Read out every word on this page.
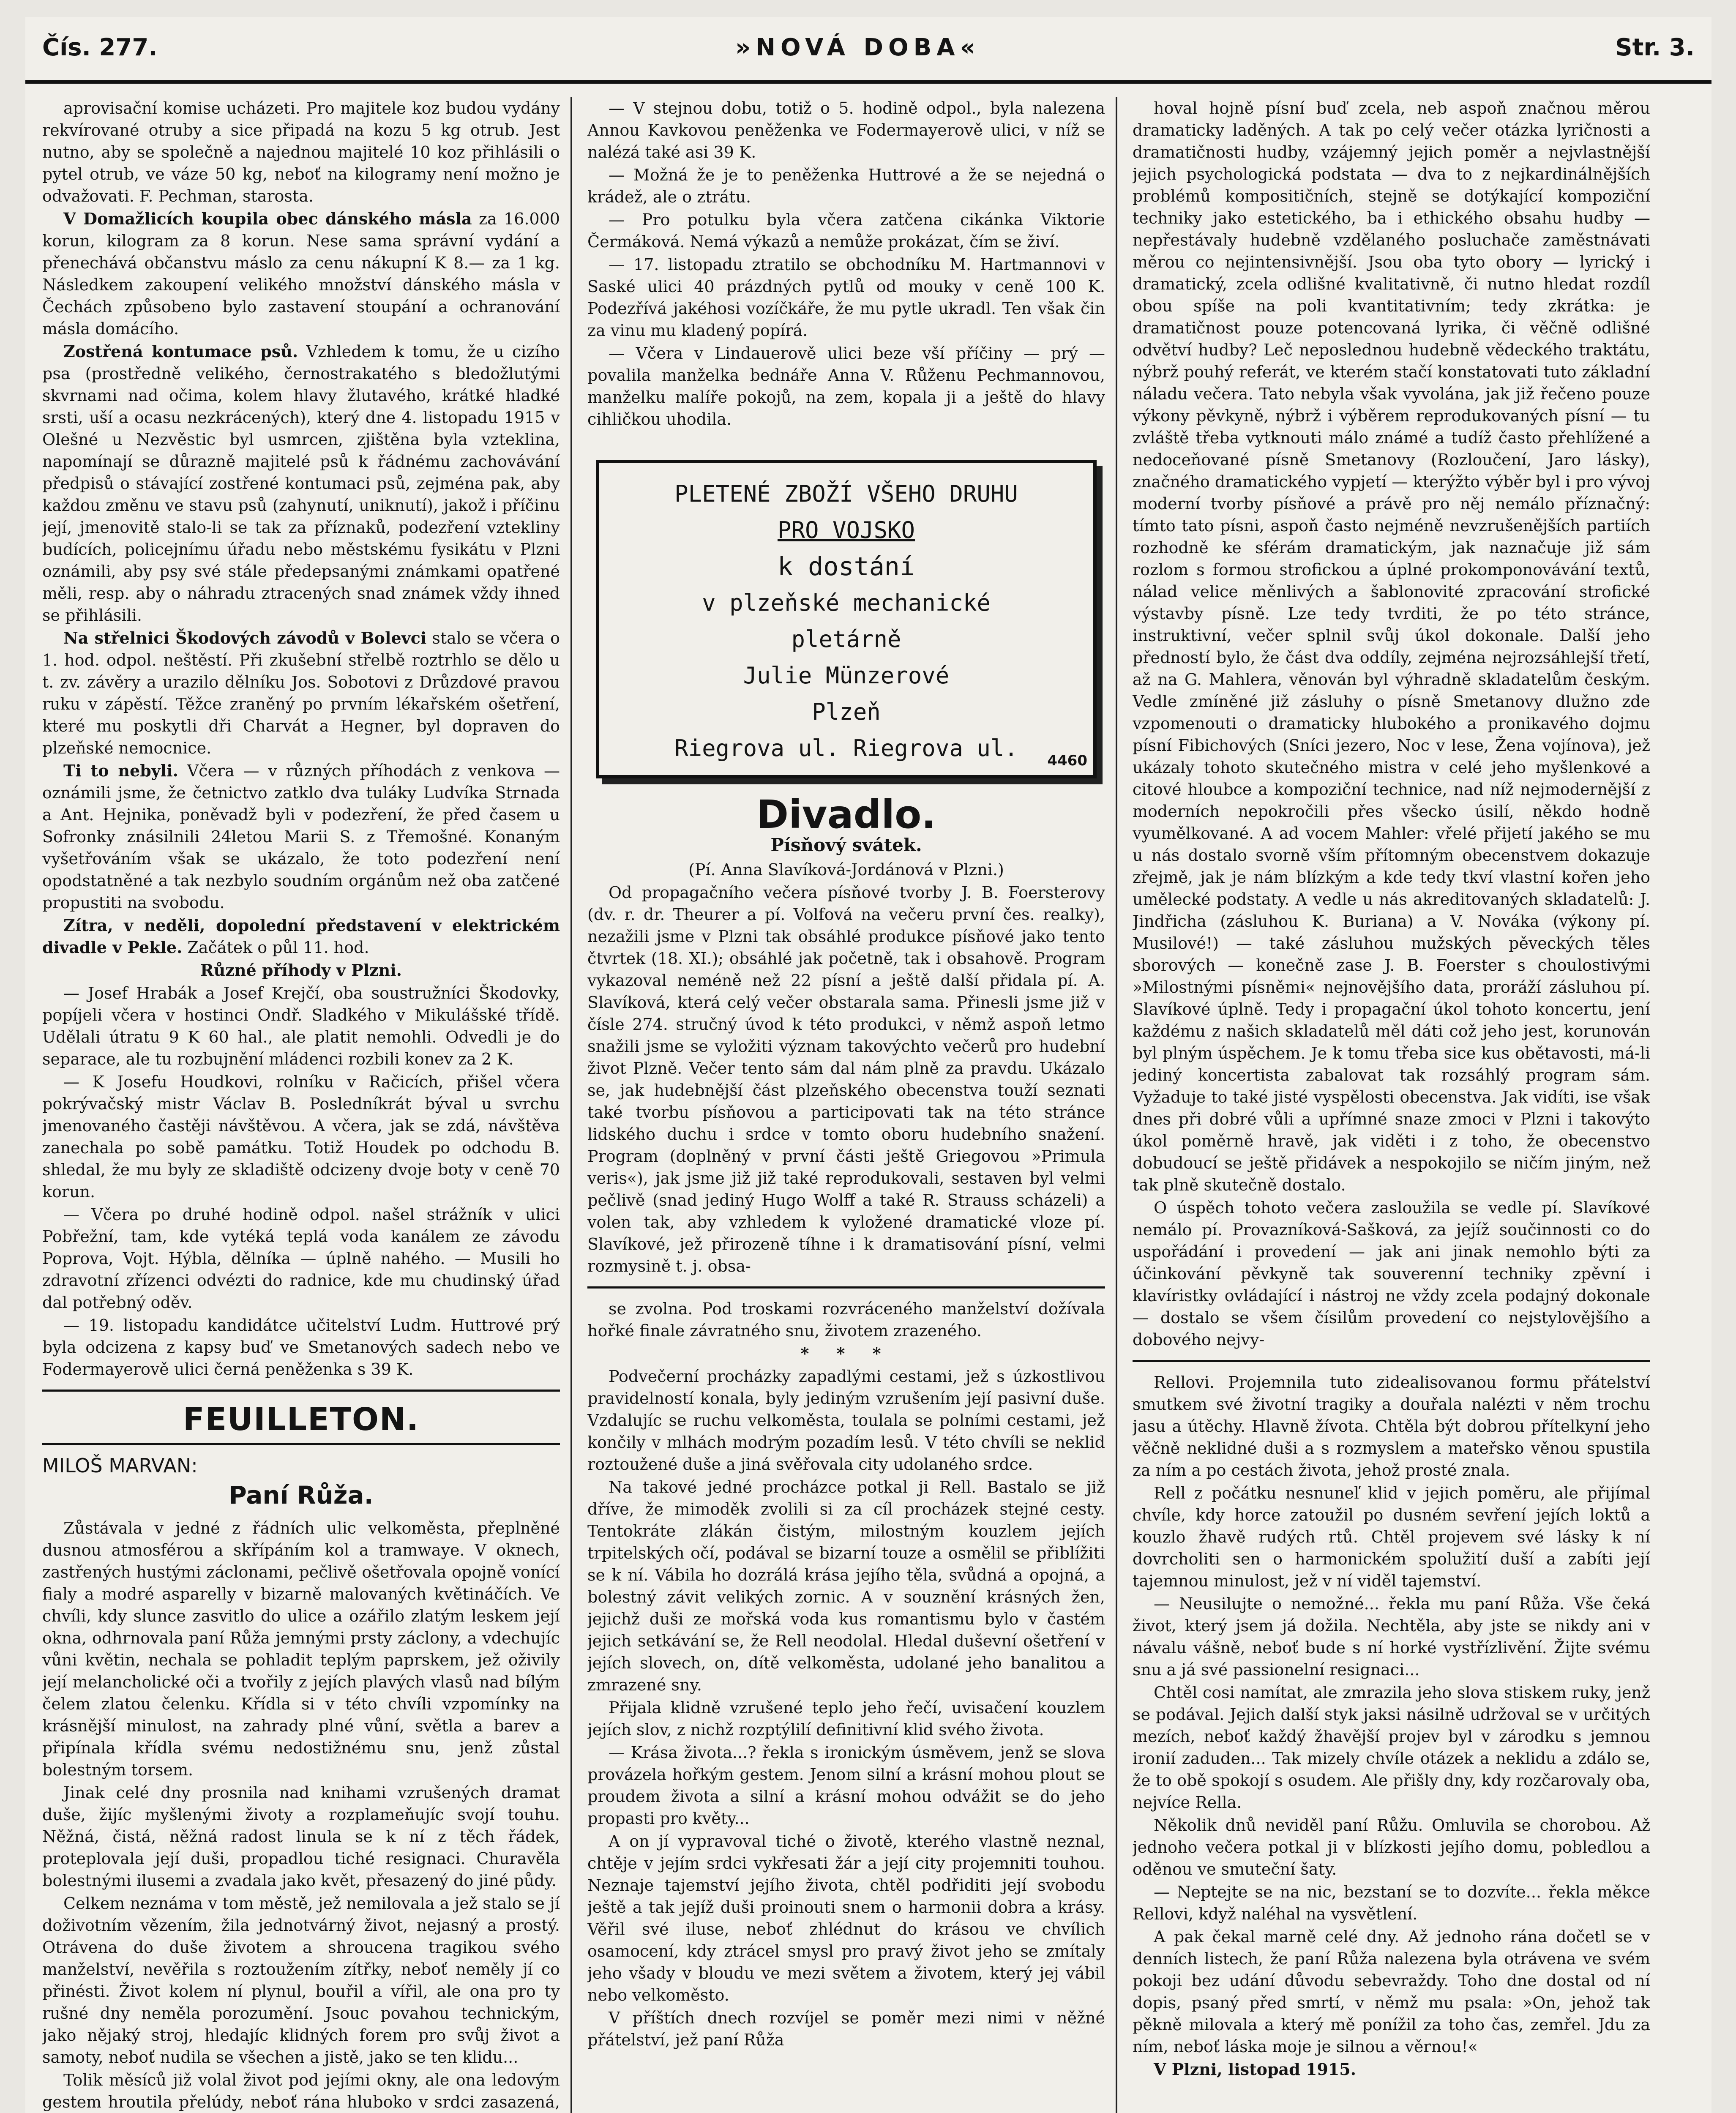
Čís. 277.	»NOVÁ DOBA«	Str. 3.

aprovisační komise ucházeti. Pro majitele koz budou vydány rekvírované otruby a sice připadá na kozu 5 kg otrub. Jest nutno, aby se společně a najednou majitelé 10 koz přihlásili o pytel otrub, ve váze 50 kg, neboť na kilogramy není možno je odvažovati. F. Pechman, starosta.

V Domažlicích koupila obec dánského másla za 16.000 korun, kilogram za 8 korun. Nese sama správní vydání a přenechává občanstvu máslo za cenu nákupní K 8.— za 1 kg. Následkem zakoupení velikého množství dánského másla v Čechách způsobeno bylo zastavení stoupání a ochranování másla domácího.

Zostřená kontumace psů. Vzhledem k tomu, že u cizího psa (prostředně velikého, černostrakatého s bledožlutými skvrnami nad očima, kolem hlavy žlutavého, krátké hladké srsti, uší a ocasu nezkrácených), který dne 4. listopadu 1915 v Olešné u Nezvěstic byl usmrcen, zjištěna byla vzteklina, napomínají se důrazně majitelé psů k řádnému zachovávání předpisů o stávající zostřené kontumaci psů, zejména pak, aby každou změnu ve stavu psů (zahynutí, uniknutí), jakož i příčinu její, jmenovitě stalo-li se tak za příznaků, podezření vztekliny budících, policejnímu úřadu nebo městskému fysikátu v Plzni oznámili, aby psy své stále předepsanými známkami opatřené měli, resp. aby o náhradu ztracených snad známek vždy ihned se přihlásili.

Na střelnici Škodových závodů v Bolevci stalo se včera o 1. hod. odpol. neštěstí. Při zkušební střelbě roztrhlo se dělo u t. zv. závěry a urazilo dělníku Jos. Sobotovi z Drůzdové pravou ruku v zápěstí. Těžce zraněný po prvním lékařském ošetření, které mu poskytli dři Charvát a Hegner, byl dopraven do plzeňské nemocnice.

Ti to nebyli. Včera — v různých příhodách z venkova — oznámili jsme, že četnictvo zatklo dva tuláky Ludvíka Strnada a Ant. Hejnika, poněvadž byli v podezření, že před časem u Sofronky znásilnili 24letou Marii S. z Třemošné. Konaným vyšetřováním však se ukázalo, že toto podezření není opodstatněné a tak nezbylo soudním orgánům než oba zatčené propustiti na svobodu.

Zítra, v neděli, dopolední představení v elektrickém divadle v Pekle. Začátek o půl 11. hod.

Různé příhody v Plzni.

— Josef Hrabák a Josef Krejčí, oba soustružníci Škodovky, popíjeli včera v hostinci Ondř. Sladkého v Mikulášské třídě. Udělali útratu 9 K 60 hal., ale platit nemohli. Odvedli je do separace, ale tu rozbujnění mládenci rozbili konev za 2 K.

— K Josefu Houdkovi, rolníku v Račicích, přišel včera pokrývačský mistr Václav B. Posledníkrát býval u svrchu jmenovaného častěji návštěvou. A včera, jak se zdá, návštěva zanechala po sobě památku. Totiž Houdek po odchodu B. shledal, že mu byly ze skladiště odcizeny dvoje boty v ceně 70 korun.

— Včera po druhé hodině odpol. našel strážník v ulici Pobřežní, tam, kde vytéká teplá voda kanálem ze závodu Poprova, Vojt. Hýbla, dělníka — úplně nahého. — Musili ho zdravotní zřízenci odvézti do radnice, kde mu chudinský úřad dal potřebný oděv.

— 19. listopadu kandidátce učitelství Ludm. Huttrové prý byla odcizena z kapsy buď ve Smetanových sadech nebo ve Fodermayerově ulici černá peněženka s 39 K.

FEUILLETON.

MILOŠ MARVAN:

Paní Růža.

Zůstávala v jedné z řádních ulic velkoměsta, přeplněné dusnou atmosférou a skřípáním kol a tramwaye. V oknech, zastřených hustými záclonami, pečlivě ošetřovala opojně vonící fialy a modré asparelly v bizarně malovaných květináčích. Ve chvíli, kdy slunce zasvitlo do ulice a ozářilo zlatým leskem její okna, odhrnovala paní Růža jemnými prsty záclony, a vdechujíc vůni květin, nechala se pohladit teplým paprskem, jež oživily její melancholické oči a tvořily z jejích plavých vlasů nad bílým čelem zlatou čelenku. Křídla si v této chvíli vzpomínky na krásnější minulost, na zahrady plné vůní, světla a barev a připínala křídla svému nedostižnému snu, jenž zůstal bolestným torsem.

Jinak celé dny prosnila nad knihami vzrušených dramat duše, žijíc myšlenými životy a rozplameňujíc svojí touhu. Něžná, čistá, něžná radost linula se k ní z těch řádek, proteplovala její duši, propadlou tiché resignaci. Churavěla bolestnými ilusemi a zvadala jako květ, přesazený do jiné půdy.

Celkem neznáma v tom městě, jež nemilovala a jež stalo se jí doživotním vězením, žila jednotvárný život, nejasný a prostý. Otrávena do duše životem a shroucena tragikou svého manželství, nevěřila s roztoužením zítřky, neboť neměly jí co přinésti. Život kolem ní plynul, bouřil a vířil, ale ona pro ty rušné dny neměla porozumění. Jsouc povahou technickým, jako nějaký stroj, hledajíc klidných forem pro svůj život a samoty, neboť nudila se všechen a jistě, jako se ten klidu...

Tolik měsíců již volal život pod jejími okny, ale ona ledovým gestem hroutila přelúdy, neboť rána hluboko v srdci zasazená,

— V stejnou dobu, totiž o 5. hodině odpol., byla nalezena Annou Kavkovou peněženka ve Fodermayerově ulici, v níž se nalézá také asi 39 K.

— Možná že je to peněženka Huttrové a že se nejedná o krádež, ale o ztrátu.

— Pro potulku byla včera zatčena cikánka Viktorie Čermáková. Nemá výkazů a nemůže prokázat, čím se živí.

— 17. listopadu ztratilo se obchodníku M. Hartmannovi v Saské ulici 40 prázdných pytlů od mouky v ceně 100 K. Podezřívá jakéhosi vozíčkáře, že mu pytle ukradl. Ten však čin za vinu mu kladený popírá.

— Včera v Lindauerově ulici beze vší příčiny — prý — povalila manželka bednáře Anna V. Růženu Pechmannovou, manželku malíře pokojů, na zem, kopala ji a ještě do hlavy cihličkou uhodila.

PLETENÉ ZBOŽÍ VŠEHO DRUHU
PRO VOJSKO
k dostání
v plzeňské mechanické
pletárně
Julie Münzerové
Plzeň
Riegrova ul. Riegrova ul.	4460
Divadlo.
Písňový svátek.

(Pí. Anna Slavíková-Jordánová v Plzni.)

Od propagačního večera písňové tvorby J. B. Foersterovy (dv. r. dr. Theurer a pí. Volfová na večeru první čes. realky), nezažili jsme v Plzni tak obsáhlé produkce písňové jako tento čtvrtek (18. XI.); obsáhlé jak početně, tak i obsahově. Program vykazoval neméně než 22 písní a ještě další přidala pí. A. Slavíková, která celý večer obstarala sama. Přinesli jsme již v čísle 274. stručný úvod k této produkci, v němž aspoň letmo snažili jsme se vyložiti význam takovýchto večerů pro hudební život Plzně. Večer tento sám dal nám plně za pravdu. Ukázalo se, jak hudebnější část plzeňského obecenstva touží seznati také tvorbu písňovou a participovati tak na této stránce lidského duchu i srdce v tomto oboru hudebního snažení. Program (doplněný v první části ještě Griegovou »Primula veris«), jak jsme již již také reprodukovali, sestaven byl velmi pečlivě (snad jediný Hugo Wolff a také R. Strauss scházeli) a volen tak, aby vzhledem k vyložené dramatické vloze pí. Slavíkové, jež přirozeně tíhne i k dramatisování písní, velmi rozmysině t. j. obsa-

se zvolna. Pod troskami rozvráceného manželství dožívala hořké finale závratného snu, životem zrazeného.

* * *

Podvečerní procházky zapadlými cestami, jež s úzkostlivou pravidelností konala, byly jediným vzrušením její pasivní duše. Vzdalujíc se ruchu velkoměsta, toulala se polními cestami, jež končily v mlhách modrým pozadím lesů. V této chvíli se neklid roztoužené duše a jiná svěřovala city udolaného srdce.

Na takové jedné procházce potkal ji Rell. Bastalo se již dříve, že mimoděk zvolili si za cíl procházek stejné cesty. Tentokráte zlákán čistým, milostným kouzlem jejích trpitelských očí, podával se bizarní touze a osmělil se přiblížiti se k ní. Vábila ho dozrálá krása jejího těla, svůdná a opojná, a bolestný závit velikých zornic. A v souznění krásných žen, jejichž duši ze mořská voda kus romantismu bylo v častém jejich setkávání se, že Rell neodolal. Hledal duševní ošetření v jejích slovech, on, dítě velkoměsta, udolané jeho banalitou a zmrazené sny.

Přijala klidně vzrušené teplo jeho řečí, uvisačení kouzlem jejích slov, z nichž rozptýlilí definitivní klid svého života.

— Krása života...? řekla s ironickým úsměvem, jenž se slova provázela hořkým gestem. Jenom silní a krásní mohou plout se proudem života a silní a krásní mohou odvážit se do jeho propasti pro květy...

A on jí vypravoval tiché o životě, kterého vlastně neznal, chtěje v jejím srdci vykřesati žár a její city projemniti touhou. Neznaje tajemství jejího života, chtěl podřiditi její svobodu ještě a tak jejíž duši proinouti snem o harmonii dobra a krásy. Věřil své iluse, neboť zhlédnut do krásou ve chvílich osamocení, kdy ztrácel smysl pro pravý život jeho se zmítaly jeho všady v bloudu ve mezi světem a životem, který jej vábil nebo velkoměsto.

V příštích dnech rozvíjel se poměr mezi nimi v něžné přátelství, jež paní Růža

hoval hojně písní buď zcela, neb aspoň značnou měrou dramaticky laděných. A tak po celý večer otázka lyričnosti a dramatičnosti hudby, vzájemný jejich poměr a nejvlastnější jejich psychologická podstata — dva to z nejkardinálnějších problémů kompositičních, stejně se dotýkající kompoziční techniky jako estetického, ba i ethického obsahu hudby — nepřestávaly hudebně vzdělaného posluchače zaměstnávati měrou co nejintensivnější. Jsou oba tyto obory — lyrický i dramatický, zcela odlišné kvalitativně, či nutno hledat rozdíl obou spíše na poli kvantitativním; tedy zkrátka: je dramatičnost pouze potencovaná lyrika, či věčně odlišné odvětví hudby? Leč neposlednou hudebně vědeckého traktátu, nýbrž pouhý referát, ve kterém stačí konstatovati tuto základní náladu večera. Tato nebyla však vyvolána, jak již řečeno pouze výkony pěvkyně, nýbrž i výběrem reprodukovaných písní — tu zvláště třeba vytknouti málo známé a tudíž často přehlížené a nedoceňované písně Smetanovy (Rozloučení, Jaro lásky), značného dramatického vypjetí — kterýžto výběr byl i pro vývoj moderní tvorby písňové a právě pro něj nemálo příznačný: tímto tato písni, aspoň často nejméně nevzrušenějších partiích rozhodně ke sférám dramatickým, jak naznačuje již sám rozlom s formou strofickou a úplné prokomponovávání textů, nálad velice měnlivých a šablonovité zpracování strofické výstavby písně. Lze tedy tvrditi, že po této stránce, instruktivní, večer splnil svůj úkol dokonale. Další jeho předností bylo, že část dva oddíly, zejména nejrozsáhlejší třetí, až na G. Mahlera, věnován byl výhradně skladatelům českým. Vedle zmíněné již zásluhy o písně Smetanovy dlužno zde vzpomenouti o dramaticky hlubokého a pronikavého dojmu písní Fibichových (Sníci jezero, Noc v lese, Žena vojínova), jež ukázaly tohoto skutečného mistra v celé jeho myšlenkové a citové hloubce a kompoziční technice, nad níž nejmodernější z moderních nepokročili přes všecko úsilí, někdo hodně vyumělkované. A ad vocem Mahler: vřelé přijetí jakého se mu u nás dostalo svorně vším přítomným obecenstvem dokazuje zřejmě, jak je nám blízkým a kde tedy tkví vlastní kořen jeho umělecké podstaty. A vedle u nás akreditovaných skladatelů: J. Jindřicha (zásluhou K. Buriana) a V. Nováka (výkony pí. Musilové!) — také zásluhou mužských pěveckých těles sborových — konečně zase J. B. Foerster s choulostivými »Milostnými písněmi« nejnovějšího data, proráží zásluhou pí. Slavíkové úplně. Tedy i propagační úkol tohoto koncertu, jení každému z našich skladatelů měl dáti což jeho jest, korunován byl plným úspěchem. Je k tomu třeba sice kus obětavosti, má-li jediný koncertista zabalovat tak rozsáhlý program sám. Vyžaduje to také jisté vyspělosti obecenstva. Jak vidíti, ise však dnes při dobré vůli a upřímné snaze zmoci v Plzni i takovýto úkol poměrně hravě, jak viděti i z toho, že obecenstvo dobudoucí se ještě přidávek a nespokojilo se ničím jiným, než tak plně skutečně dostalo.

O úspěch tohoto večera zasloužila se vedle pí. Slavíkové nemálo pí. Provazníková-Sašková, za jejíž součinnosti co do uspořádání i provedení — jak ani jinak nemohlo býti za účinkování pěvkyně tak souverenní techniky zpěvní i klavíristky ovládající i nástroj ne vždy zcela podajný dokonale — dostalo se všem čísilům provedení co nejstylovějšího a dobového nejvy-

Rellovi. Projemnila tuto zidealisovanou formu přátelství smutkem své životní tragiky a douřala nalézti v něm trochu jasu a útěchy. Hlavně žívota. Chtěla být dobrou přítelkyní jeho věčně neklidné duši a s rozmyslem a mateřsko věnou spustila za ním a po cestách života, jehož prosté znala.

Rell z počátku nesnuneľ klid v jejich poměru, ale přijímal chvíle, kdy horce zatoužil po dusném sevření jejích loktů a kouzlo žhavě rudých rtů. Chtěl projevem své lásky k ní dovrcholiti sen o harmonickém spolužití duší a zabíti její tajemnou minulost, jež v ní viděl tajemství.

— Neusilujte o nemožné... řekla mu paní Růža. Vše čeká život, který jsem já dožila. Nechtěla, aby jste se nikdy ani v návalu vášně, neboť bude s ní horké vystřízlivění. Žijte svému snu a já své passionelní resignaci...

Chtěl cosi namítat, ale zmrazila jeho slova stiskem ruky, jenž se podával. Jejich další styk jaksi násilně udržoval se v určitých mezích, neboť každý žhavější projev byl v zárodku s jemnou ironií zaduden... Tak mizely chvíle otázek a neklidu a zdálo se, že to obě spokojí s osudem. Ale přišly dny, kdy rozčarovaly oba, nejvíce Rella.

Několik dnů neviděl paní Růžu. Omluvila se chorobou. Až jednoho večera potkal ji v blízkosti jejího domu, pobledlou a oděnou ve smuteční šaty.

— Neptejte se na nic, bezstaní se to dozvíte... řekla měkce Rellovi, když naléhal na vysvětlení.

A pak čekal marně celé dny. Až jednoho rána dočetl se v denních listech, že paní Růža nalezena byla otrávena ve svém pokoji bez udání důvodu sebevraždy. Toho dne dostal od ní dopis, psaný před smrtí, v němž mu psala: »On, jehož tak pěkně milovala a který mě ponížil za toho čas, zemřel. Jdu za ním, neboť láska moje je silnou a věrnou!«

V Plzni, listopad 1915.
